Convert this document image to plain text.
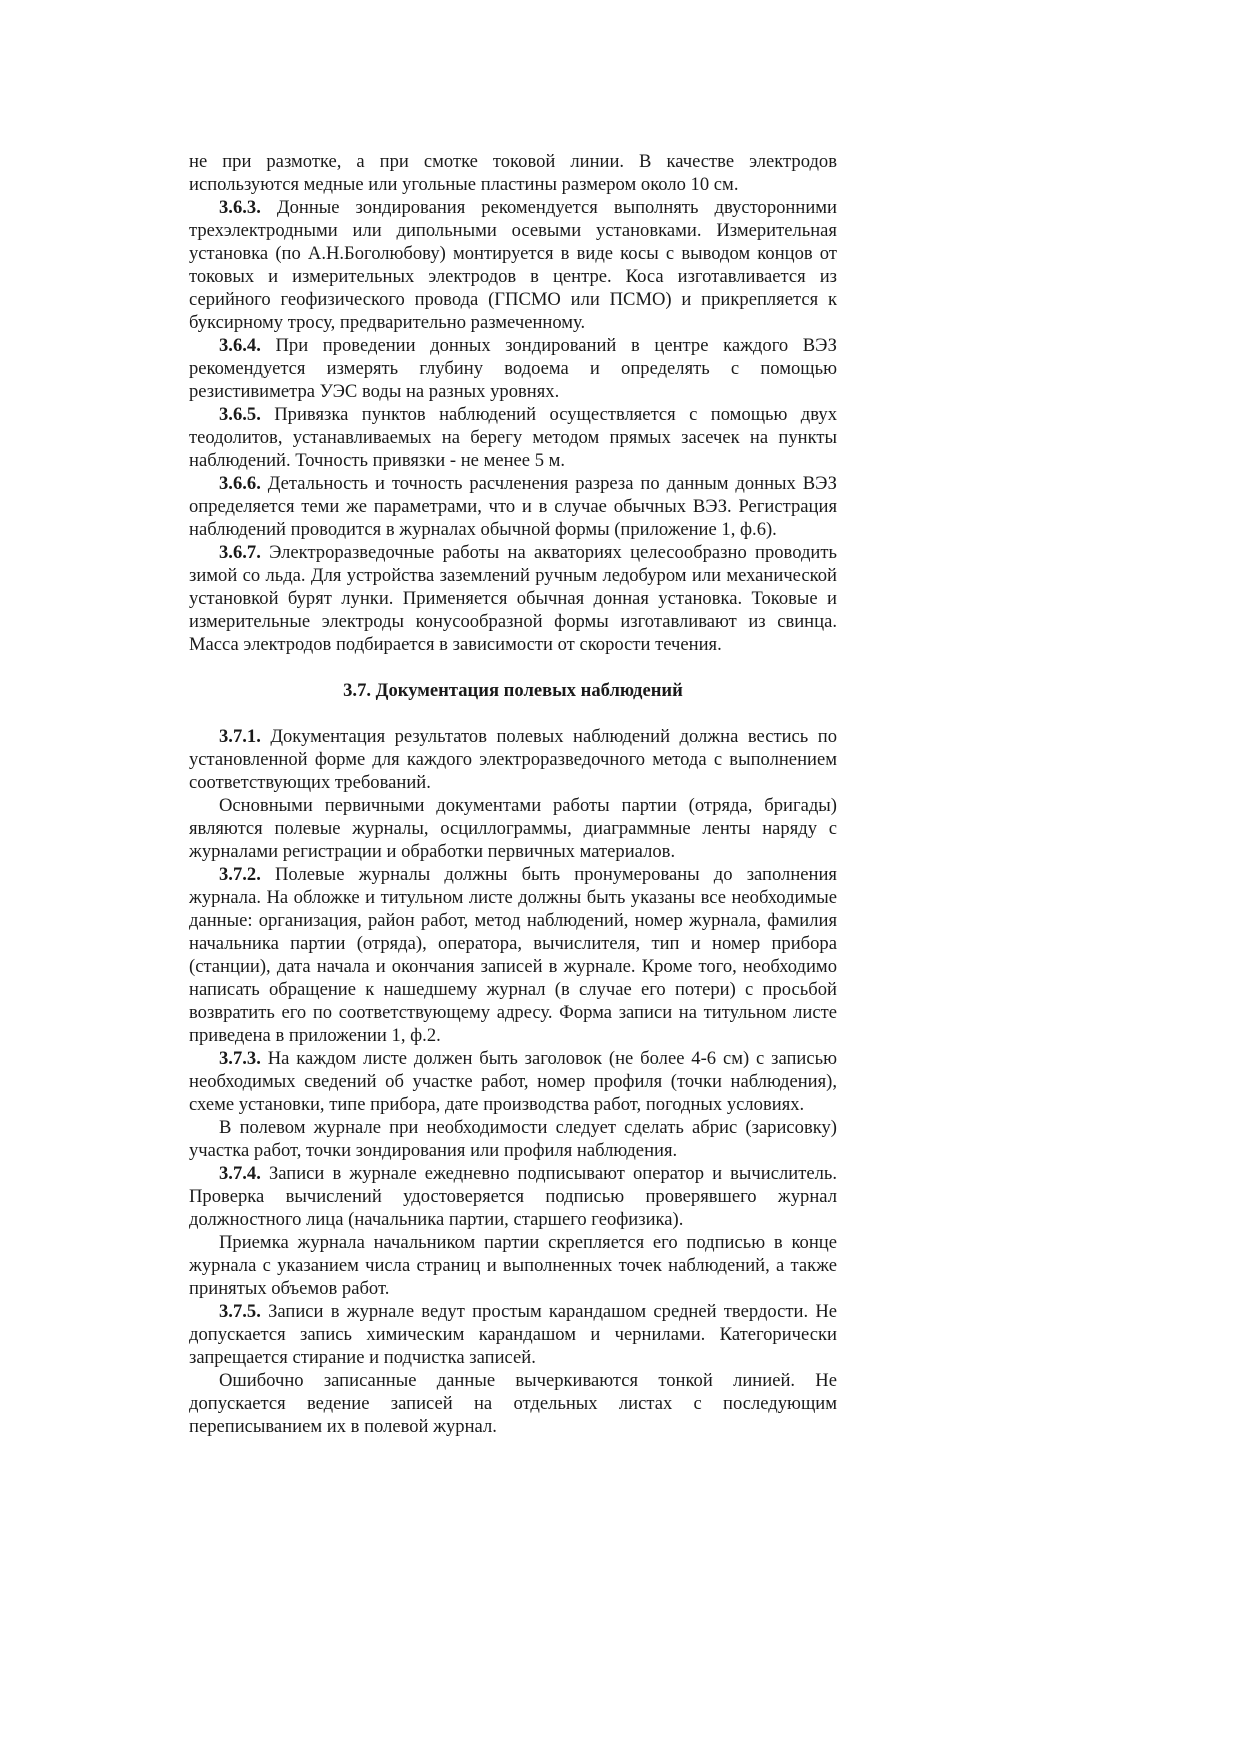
не при размотке, а при смотке токовой линии. В качестве электродов используются медные или угольные пластины размером около 10 см.

3.6.3. Донные зондирования рекомендуется выполнять двусторонними трехэлектродными или дипольными осевыми установками. Измерительная установка (по А.Н.Боголюбову) монтируется в виде косы с выводом концов от токовых и измерительных электродов в центре. Коса изготавливается из серийного геофизического провода (ГПСМО или ПСМО) и прикрепляется к буксирному тросу, предварительно размеченному.

3.6.4. При проведении донных зондирований в центре каждого ВЭЗ рекомендуется измерять глубину водоема и определять с помощью резистивиметра УЭС воды на разных уровнях.

3.6.5. Привязка пунктов наблюдений осуществляется с помощью двух теодолитов, устанавливаемых на берегу методом прямых засечек на пункты наблюдений. Точность привязки - не менее 5 м.

3.6.6. Детальность и точность расчленения разреза по данным донных ВЭЗ определяется теми же параметрами, что и в случае обычных ВЭЗ. Регистрация наблюдений проводится в журналах обычной формы (приложение 1, ф.6).

3.6.7. Электроразведочные работы на акваториях целесообразно проводить зимой со льда. Для устройства заземлений ручным ледобуром или механической установкой бурят лунки. Применяется обычная донная установка. Токовые и измерительные электроды конусообразной формы изготавливают из свинца. Масса электродов подбирается в зависимости от скорости течения.

3.7. Документация полевых наблюдений

3.7.1. Документация результатов полевых наблюдений должна вестись по установленной форме для каждого электроразведочного метода с выполнением соответствующих требований.

Основными первичными документами работы партии (отряда, бригады) являются полевые журналы, осциллограммы, диаграммные ленты наряду с журналами регистрации и обработки первичных материалов.

3.7.2. Полевые журналы должны быть пронумерованы до заполнения журнала. На обложке и титульном листе должны быть указаны все необходимые данные: организация, район работ, метод наблюдений, номер журнала, фамилия начальника партии (отряда), оператора, вычислителя, тип и номер прибора (станции), дата начала и окончания записей в журнале. Кроме того, необходимо написать обращение к нашедшему журнал (в случае его потери) с просьбой возвратить его по соответствующему адресу. Форма записи на титульном листе приведена в приложении 1, ф.2.

3.7.3. На каждом листе должен быть заголовок (не более 4-6 см) с записью необходимых сведений об участке работ, номер профиля (точки наблюдения), схеме установки, типе прибора, дате производства работ, погодных условиях.

В полевом журнале при необходимости следует сделать абрис (зарисовку) участка работ, точки зондирования или профиля наблюдения.

3.7.4. Записи в журнале ежедневно подписывают оператор и вычислитель. Проверка вычислений удостоверяется подписью проверявшего журнал должностного лица (начальника партии, старшего геофизика).

Приемка журнала начальником партии скрепляется его подписью в конце журнала с указанием числа страниц и выполненных точек наблюдений, а также принятых объемов работ.

3.7.5. Записи в журнале ведут простым карандашом средней твердости. Не допускается запись химическим карандашом и чернилами. Категорически запрещается стирание и подчистка записей.

Ошибочно записанные данные вычеркиваются тонкой линией. Не допускается ведение записей на отдельных листах с последующим переписыванием их в полевой журнал.
